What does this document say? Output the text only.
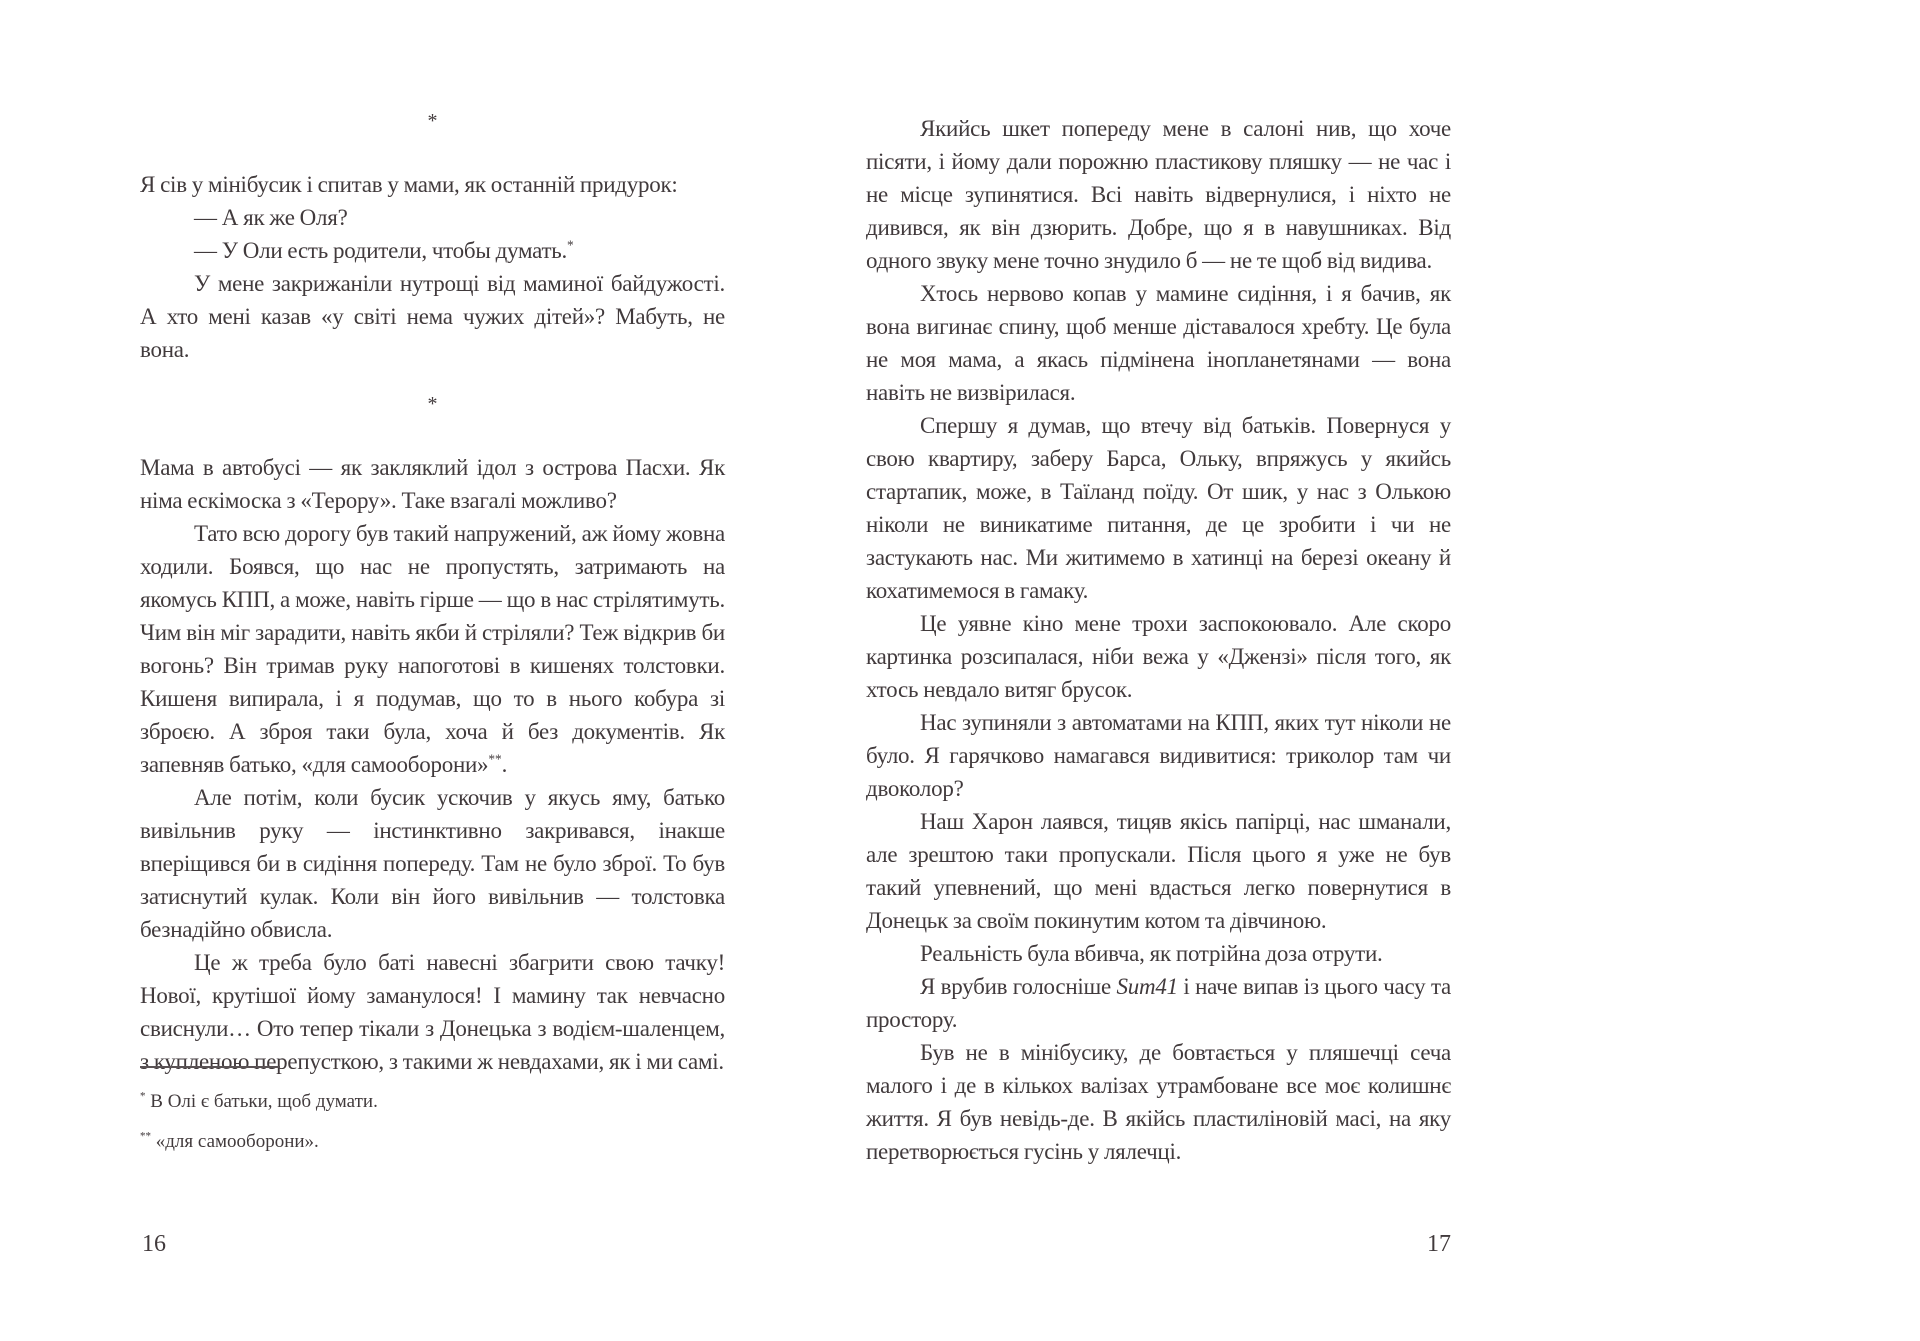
*

Я сів у мінібусик і спитав у мами, як останній придурок:

— А як же Оля?

— У Оли есть родители, чтобы думать.*

У мене закрижаніли нутрощі від маминої байдужості. А хто мені казав «у світі нема чужих дітей»? Мабуть, не вона.

*

Мама в автобусі — як закляклий ідол з острова Пасхи. Як німа ескімоска з «Терору». Таке взагалі можливо?

Тато всю дорогу був такий напружений, аж йому жовна ходили. Боявся, що нас не пропустять, затримають на якомусь КПП, а може, навіть гірше — що в нас стрілятимуть. Чим він міг зарадити, навіть якби й стріляли? Теж відкрив би вогонь? Він тримав руку напоготові в кишенях толстовки. Кишеня випирала, і я подумав, що то в нього кобура зі зброєю. А зброя таки була, хоча й без документів. Як запевняв батько, «для самооборони»**.

Але потім, коли бусик ускочив у якусь яму, батько вивільнив руку — інстинктивно закривався, інакше вперіщився би в сидіння попереду. Там не було зброї. То був затиснутий кулак. Коли він його вивільнив — толстовка безнадійно обвисла.

Це ж треба було баті навесні збагрити свою тачку! Нової, крутішої йому заманулося! І мамину так невчасно свиснули… Ото тепер тікали з Донецька з водієм-шаленцем, з купленою перепусткою, з такими ж невдахами, як і ми самі.

* В Олі є батьки, щоб думати.

** «для самооборони».

16

Якийсь шкет попереду мене в салоні нив, що хоче пісяти, і йому дали порожню пластикову пляшку — не час і не місце зупинятися. Всі навіть відвернулися, і ніхто не дивився, як він дзюрить. Добре, що я в навушниках. Від одного звуку мене точно знудило б — не те щоб від видива.

Хтось нервово копав у мамине сидіння, і я бачив, як вона вигинає спину, щоб менше діставалося хребту. Це була не моя мама, а якась підмінена інопланетянами — вона навіть не визвірилася.

Спершу я думав, що втечу від батьків. Повернуся у свою квартиру, заберу Барса, Ольку, впряжусь у якийсь стартапик, може, в Таїланд поїду. От шик, у нас з Олькою ніколи не виникатиме питання, де це зробити і чи не застукають нас. Ми житимемо в хатинці на березі океану й кохатимемося в гамаку.

Це уявне кіно мене трохи заспокоювало. Але скоро картинка розсипалася, ніби вежа у «Джензі» після того, як хтось невдало витяг брусок.

Нас зупиняли з автоматами на КПП, яких тут ніколи не було. Я гарячково намагався видивитися: триколор там чи двоколор?

Наш Харон лаявся, тицяв якісь папірці, нас шманали, але зрештою таки пропускали. Після цього я уже не був такий упевнений, що мені вдасться легко повернутися в Донецьк за своїм покинутим котом та дівчиною.

Реальність була вбивча, як потрійна доза отрути.

Я врубив голосніше Sum41 і наче випав із цього часу та простору.

Був не в мінібусику, де бовтається у пляшечці сеча малого і де в кількох валізах утрамбоване все моє колишнє життя. Я був невідь-де. В якійсь пластиліновій масі, на яку перетворюється гусінь у лялечці.

17
